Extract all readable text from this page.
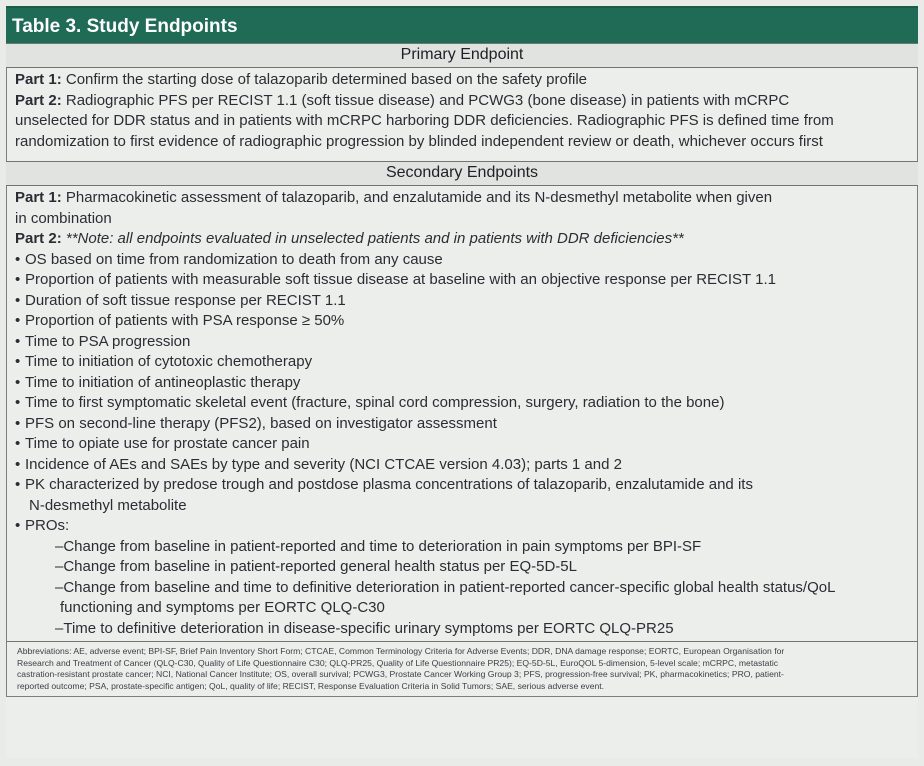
Table 3. Study Endpoints
Primary Endpoint
Part 1: Confirm the starting dose of talazoparib determined based on the safety profile
Part 2: Radiographic PFS per RECIST 1.1 (soft tissue disease) and PCWG3 (bone disease) in patients with mCRPC
unselected for DDR status and in patients with mCRPC harboring DDR deficiencies. Radiographic PFS is defined time from
randomization to first evidence of radiographic progression by blinded independent review or death, whichever occurs first
Secondary Endpoints
Part 1: Pharmacokinetic assessment of talazoparib, and enzalutamide and its N-desmethyl metabolite when given
in combination
Part 2: **Note: all endpoints evaluated in unselected patients and in patients with DDR deficiencies**
• OS based on time from randomization to death from any cause
• Proportion of patients with measurable soft tissue disease at baseline with an objective response per RECIST 1.1
• Duration of soft tissue response per RECIST 1.1
• Proportion of patients with PSA response ≥ 50%
• Time to PSA progression
• Time to initiation of cytotoxic chemotherapy
• Time to initiation of antineoplastic therapy
• Time to first symptomatic skeletal event (fracture, spinal cord compression, surgery, radiation to the bone)
• PFS on second-line therapy (PFS2), based on investigator assessment
• Time to opiate use for prostate cancer pain
• Incidence of AEs and SAEs by type and severity (NCI CTCAE version 4.03); parts 1 and 2
• PK characterized by predose trough and postdose plasma concentrations of talazoparib, enzalutamide and its
N-desmethyl metabolite
• PROs:
–Change from baseline in patient-reported and time to deterioration in pain symptoms per BPI-SF
–Change from baseline in patient-reported general health status per EQ-5D-5L
–Change from baseline and time to definitive deterioration in patient-reported cancer-specific global health status/QoL
functioning and symptoms per EORTC QLQ-C30
–Time to definitive deterioration in disease-specific urinary symptoms per EORTC QLQ-PR25
Abbreviations: AE, adverse event; BPI-SF, Brief Pain Inventory Short Form; CTCAE, Common Terminology Criteria for Adverse Events; DDR, DNA damage response; EORTC, European Organisation for
Research and Treatment of Cancer (QLQ-C30, Quality of Life Questionnaire C30; QLQ-PR25, Quality of Life Questionnaire PR25); EQ-5D-5L, EuroQOL 5-dimension, 5-level scale; mCRPC, metastatic
castration-resistant prostate cancer; NCI, National Cancer Institute; OS, overall survival; PCWG3, Prostate Cancer Working Group 3; PFS, progression-free survival; PK, pharmacokinetics; PRO, patient-
reported outcome; PSA, prostate-specific antigen; QoL, quality of life; RECIST, Response Evaluation Criteria in Solid Tumors; SAE, serious adverse event.
